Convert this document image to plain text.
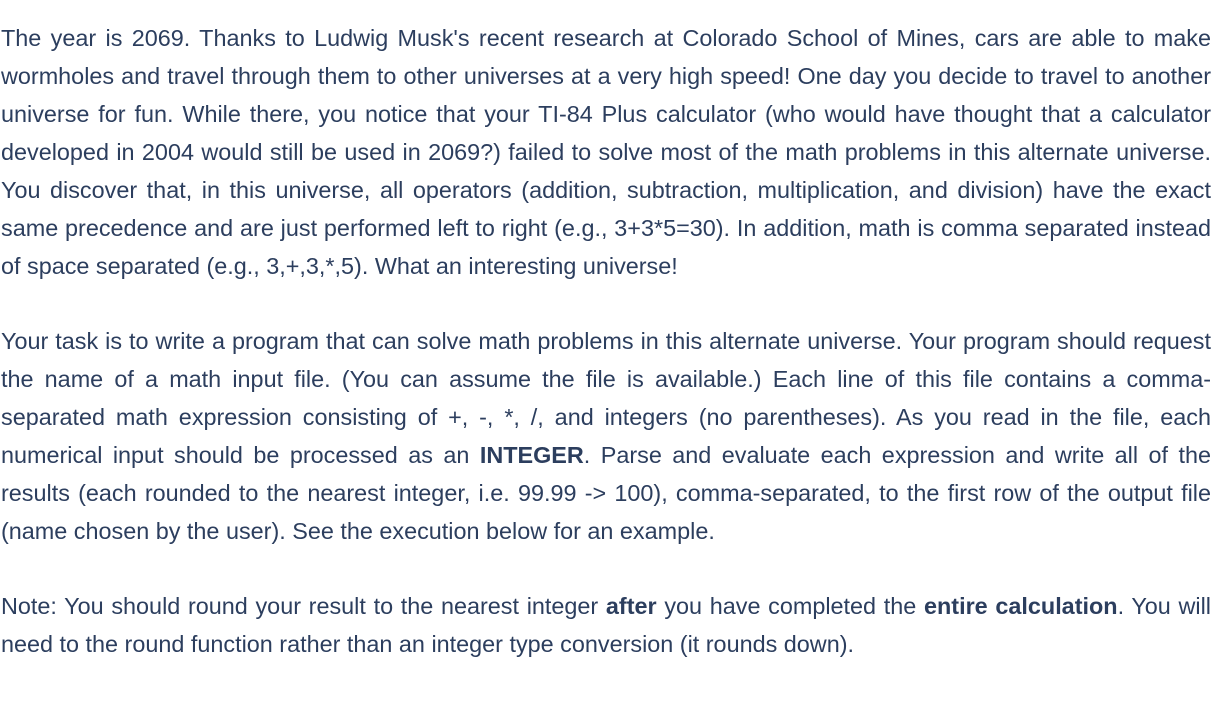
The year is 2069. Thanks to Ludwig Musk's recent research at Colorado School of Mines, cars are able to make wormholes and travel through them to other universes at a very high speed! One day you decide to travel to another universe for fun. While there, you notice that your TI-84 Plus calculator (who would have thought that a calculator developed in 2004 would still be used in 2069?) failed to solve most of the math problems in this alternate universe. You discover that, in this universe, all operators (addition, subtraction, multiplication, and division) have the exact same precedence and are just performed left to right (e.g., 3+3*5=30). In addition, math is comma separated instead of space separated (e.g., 3,+,3,*,5). What an interesting universe!

Your task is to write a program that can solve math problems in this alternate universe. Your program should request the name of a math input file. (You can assume the file is available.) Each line of this file contains a comma-separated math expression consisting of +, -, *, /, and integers (no parentheses). As you read in the file, each numerical input should be processed as an INTEGER. Parse and evaluate each expression and write all of the results (each rounded to the nearest integer, i.e. 99.99 -> 100), comma-separated, to the first row of the output file (name chosen by the user). See the execution below for an example.

Note: You should round your result to the nearest integer after you have completed the entire calculation. You will need to the round function rather than an integer type conversion (it rounds down).
